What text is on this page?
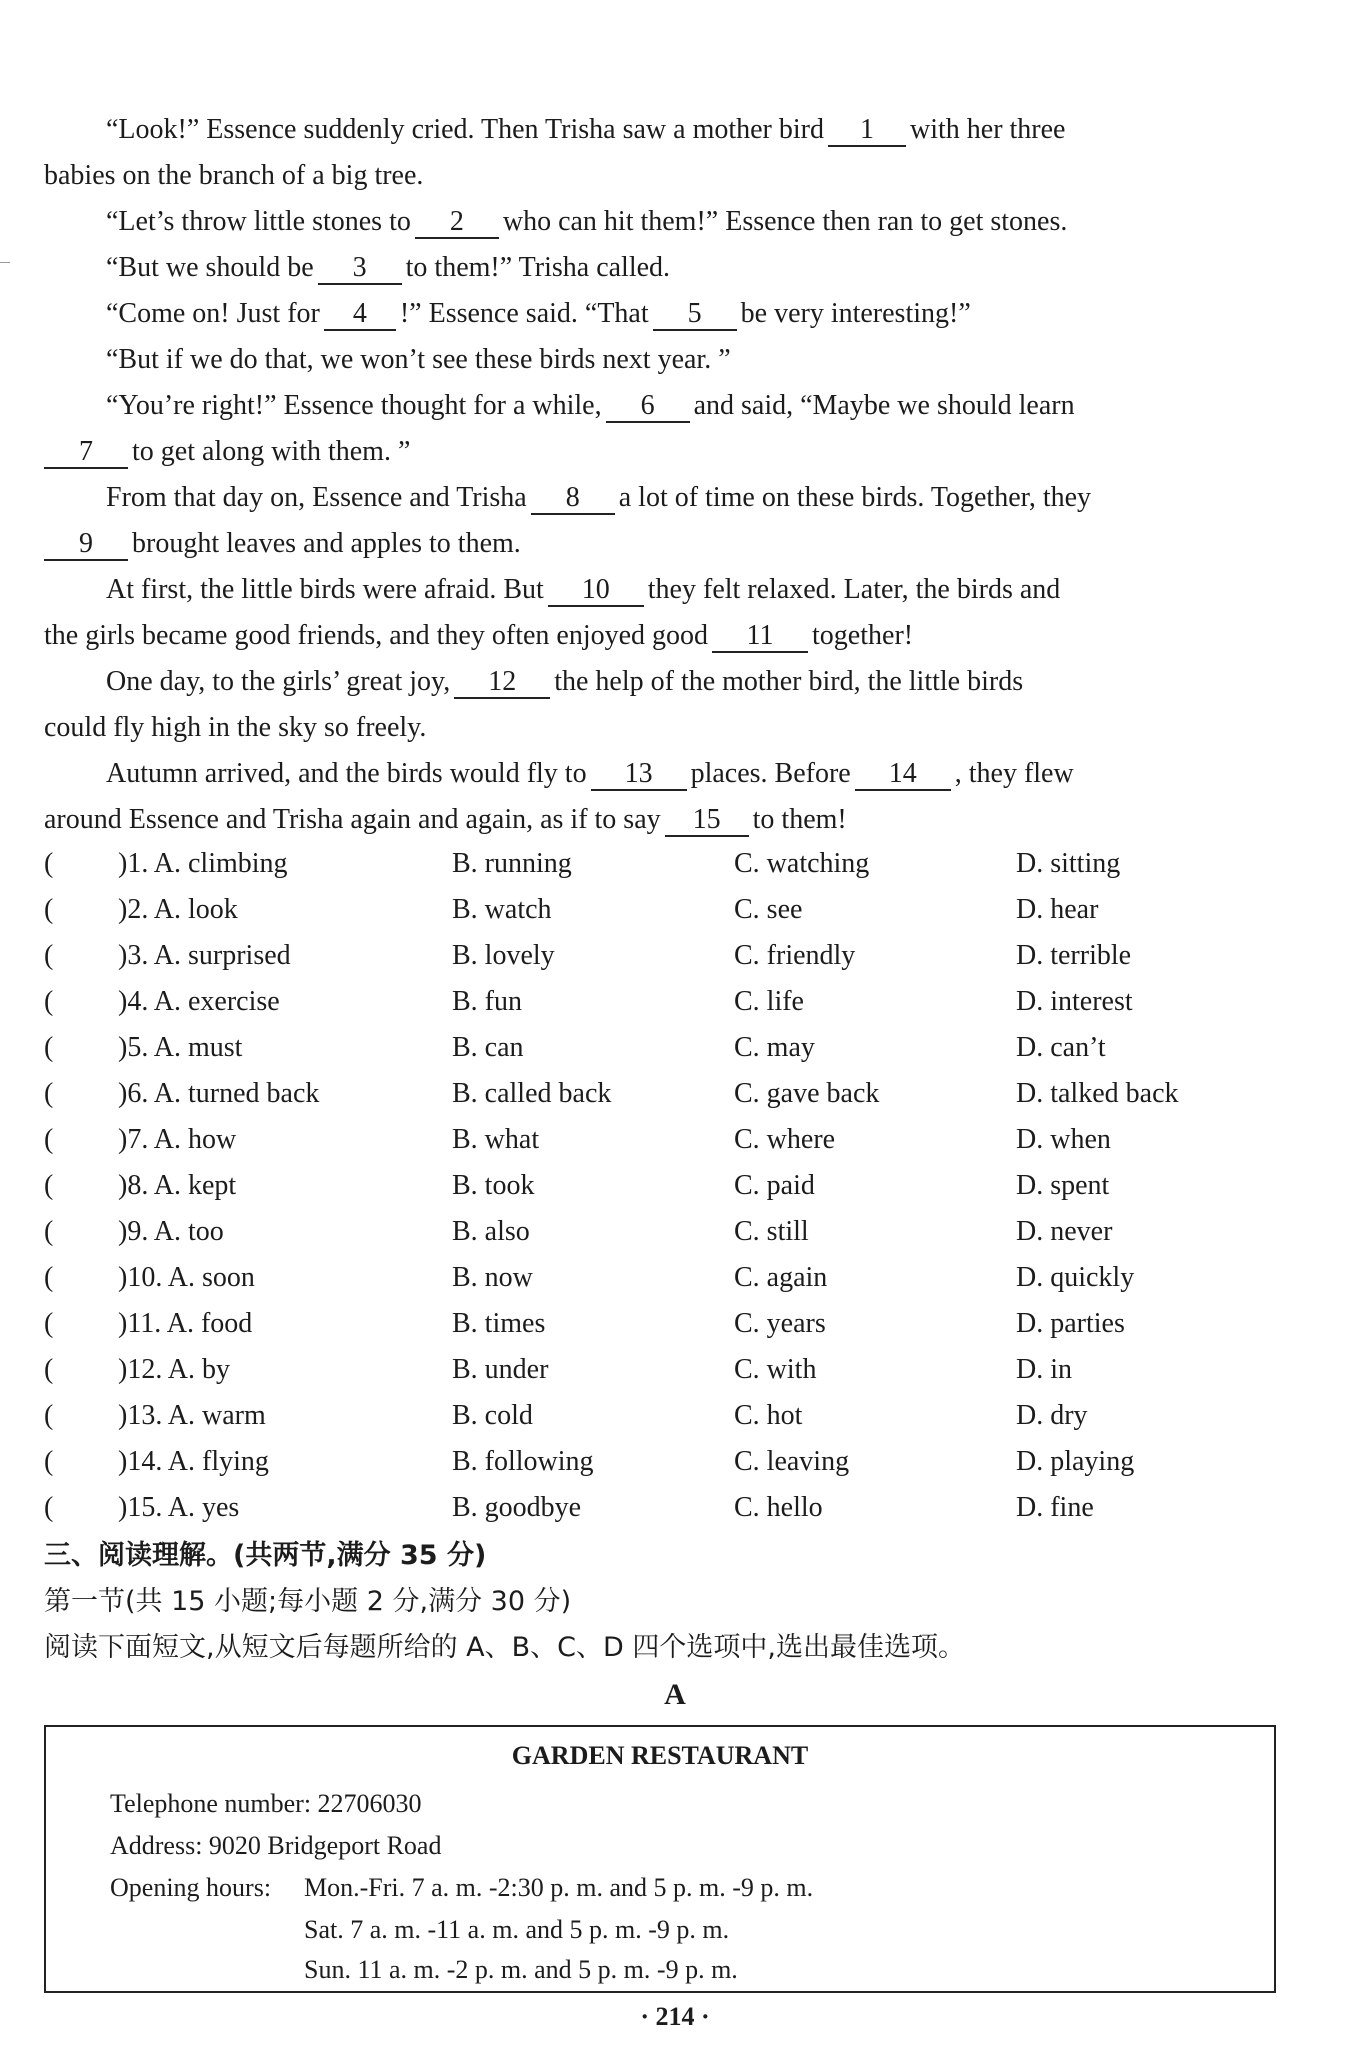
“Look!” Essence suddenly cried. Then Trisha saw a mother bird 1 with her three
babies on the branch of a big tree.
“Let’s throw little stones to 2 who can hit them!” Essence then ran to get stones.
“But we should be 3 to them!” Trisha called.
“Come on! Just for 4 !” Essence said. “That 5 be very interesting!”
“But if we do that, we won’t see these birds next year. ”
“You’re right!” Essence thought for a while, 6 and said, “Maybe we should learn
7 to get along with them. ”
From that day on, Essence and Trisha 8 a lot of time on these birds. Together, they
9 brought leaves and apples to them.
At first, the little birds were afraid. But 10 they felt relaxed. Later, the birds and
the girls became good friends, and they often enjoyed good 11 together!
One day, to the girls’ great joy, 12 the help of the mother bird, the little birds
could fly high in the sky so freely.
Autumn arrived, and the birds would fly to 13 places. Before 14 , they flew
around Essence and Trisha again and again, as if to say 15 to them!
( )1. A. climbing	B. running	C. watching	D. sitting
( )2. A. look	B. watch	C. see	D. hear
( )3. A. surprised	B. lovely	C. friendly	D. terrible
( )4. A. exercise	B. fun	C. life	D. interest
( )5. A. must	B. can	C. may	D. can’t
( )6. A. turned back	B. called back	C. gave back	D. talked back
( )7. A. how	B. what	C. where	D. when
( )8. A. kept	B. took	C. paid	D. spent
( )9. A. too	B. also	C. still	D. never
( )10. A. soon	B. now	C. again	D. quickly
( )11. A. food	B. times	C. years	D. parties
( )12. A. by	B. under	C. with	D. in
( )13. A. warm	B. cold	C. hot	D. dry
( )14. A. flying	B. following	C. leaving	D. playing
( )15. A. yes	B. goodbye	C. hello	D. fine
三、阅读理解。(共两节,满分 35 分)
第一节(共 15 小题;每小题 2 分,满分 30 分)
阅读下面短文,从短文后每题所给的 A、B、C、D 四个选项中,选出最佳选项。
A
GARDEN RESTAURANT
Telephone number: 22706030
Address: 9020 Bridgeport Road
Opening hours: Mon.-Fri. 7 a. m. -2:30 p. m. and 5 p. m. -9 p. m.
Sat. 7 a. m. -11 a. m. and 5 p. m. -9 p. m.
Sun. 11 a. m. -2 p. m. and 5 p. m. -9 p. m.
· 214 ·
